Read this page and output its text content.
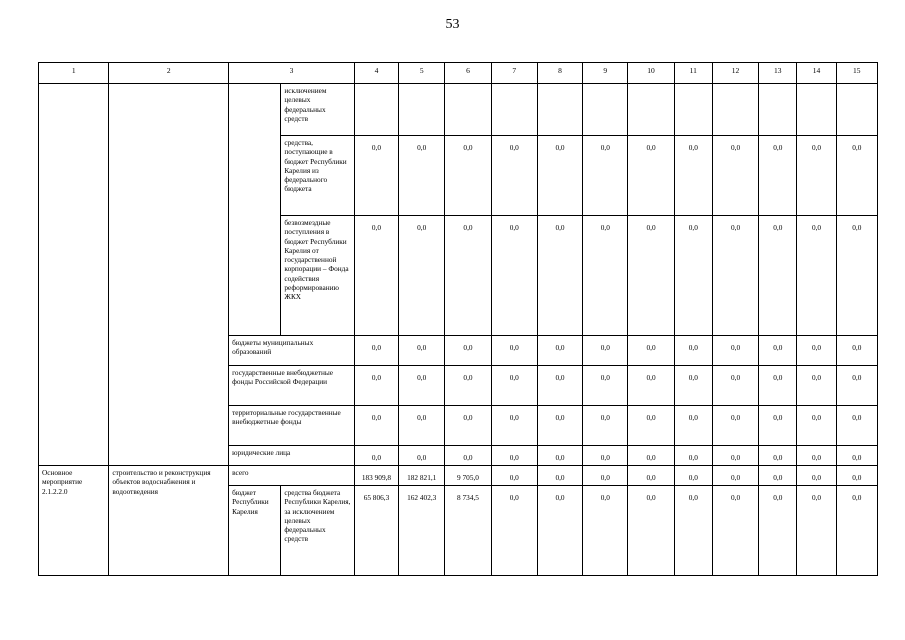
53
1	2	3		4	5	6	7	8	9	10	11	12	13	14	15
			исключением целевых федеральных средств												
			средства, поступающие в бюджет Республики Карелия из федерального бюджета	0,0	0,0	0,0	0,0	0,0	0,0	0,0	0,0	0,0	0,0	0,0	0,0
			безвозмездные поступления в бюджет Республики Карелия от государственной корпорации – Фонда содействия реформированию ЖКХ	0,0	0,0	0,0	0,0	0,0	0,0	0,0	0,0	0,0	0,0	0,0	0,0
		бюджеты муниципальных образований		0,0	0,0	0,0	0,0	0,0	0,0	0,0	0,0	0,0	0,0	0,0	0,0
		государственные внебюджетные фонды Российской Федерации		0,0	0,0	0,0	0,0	0,0	0,0	0,0	0,0	0,0	0,0	0,0	0,0
		территориальные государственные внебюджетные фонды		0,0	0,0	0,0	0,0	0,0	0,0	0,0	0,0	0,0	0,0	0,0	0,0
		юридические лица		0,0	0,0	0,0	0,0	0,0	0,0	0,0	0,0	0,0	0,0	0,0	0,0
Основное мероприятие 2.1.2.2.0	строительство и реконструкция объектов водоснабжения и водоотведения	всего		183 909,8	182 821,1	9 705,0	0,0	0,0	0,0	0,0	0,0	0,0	0,0	0,0	0,0
		бюджет Республики Карелия	средства бюджета Республики Карелия, за исключением целевых федеральных средств	65 806,3	162 402,3	8 734,5	0,0	0,0	0,0	0,0	0,0	0,0	0,0	0,0	0,0
